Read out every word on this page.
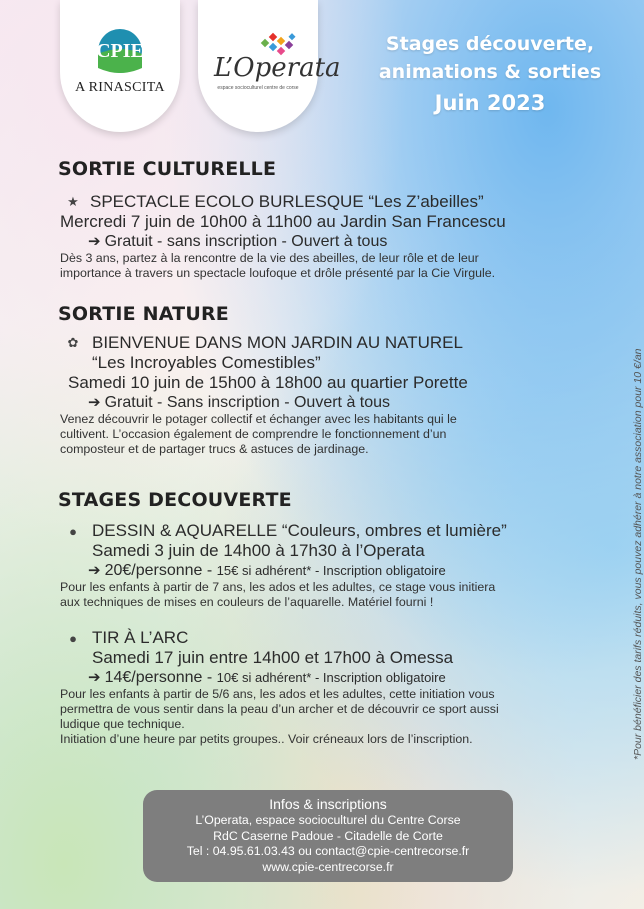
CPIE
A RINASCITA
L’Operata
espace socioculturel centre de corse
Stages découverte,
animations & sorties
Juin 2023
SORTIE CULTURELLE
★ SPECTACLE ECOLO BURLESQUE “Les Z’abeilles”
Mercredi 7 juin de 10h00 à 11h00 au Jardin San Francescu
➔ Gratuit - sans inscription - Ouvert à tous
Dès 3 ans, partez à la rencontre de la vie des abeilles, de leur rôle et de leur
importance à travers un spectacle loufoque et drôle présenté par la Cie Virgule.
SORTIE NATURE
✿ BIENVENUE DANS MON JARDIN AU NATUREL
“Les Incroyables Comestibles”
Samedi 10 juin de 15h00 à 18h00 au quartier Porette
➔ Gratuit - Sans inscription - Ouvert à tous
Venez découvrir le potager collectif et échanger avec les habitants qui le
cultivent. L’occasion également de comprendre le fonctionnement d’un
composteur et de partager trucs & astuces de jardinage.
STAGES DECOUVERTE
● DESSIN & AQUARELLE “Couleurs, ombres et lumière”
Samedi 3 juin de 14h00 à 17h30 à l’Operata
➔ 20€/personne - 15€ si adhérent* - Inscription obligatoire
Pour les enfants à partir de 7 ans, les ados et les adultes, ce stage vous initiera
aux techniques de mises en couleurs de l’aquarelle. Matériel fourni !
● TIR À L’ARC
Samedi 17 juin entre 14h00 et 17h00 à Omessa
➔ 14€/personne - 10€ si adhérent* - Inscription obligatoire
Pour les enfants à partir de 5/6 ans, les ados et les adultes, cette initiation vous
permettra de vous sentir dans la peau d’un archer et de découvrir ce sport aussi
ludique que technique.
Initiation d’une heure par petits groupes.. Voir créneaux lors de l’inscription.
Infos & inscriptions
L’Operata, espace socioculturel du Centre Corse
RdC Caserne Padoue - Citadelle de Corte
Tel : 04.95.61.03.43 ou contact@cpie-centrecorse.fr
www.cpie-centrecorse.fr
*Pour bénéficier des tarifs réduits, vous pouvez adhérer à notre association pour 10 €/an
